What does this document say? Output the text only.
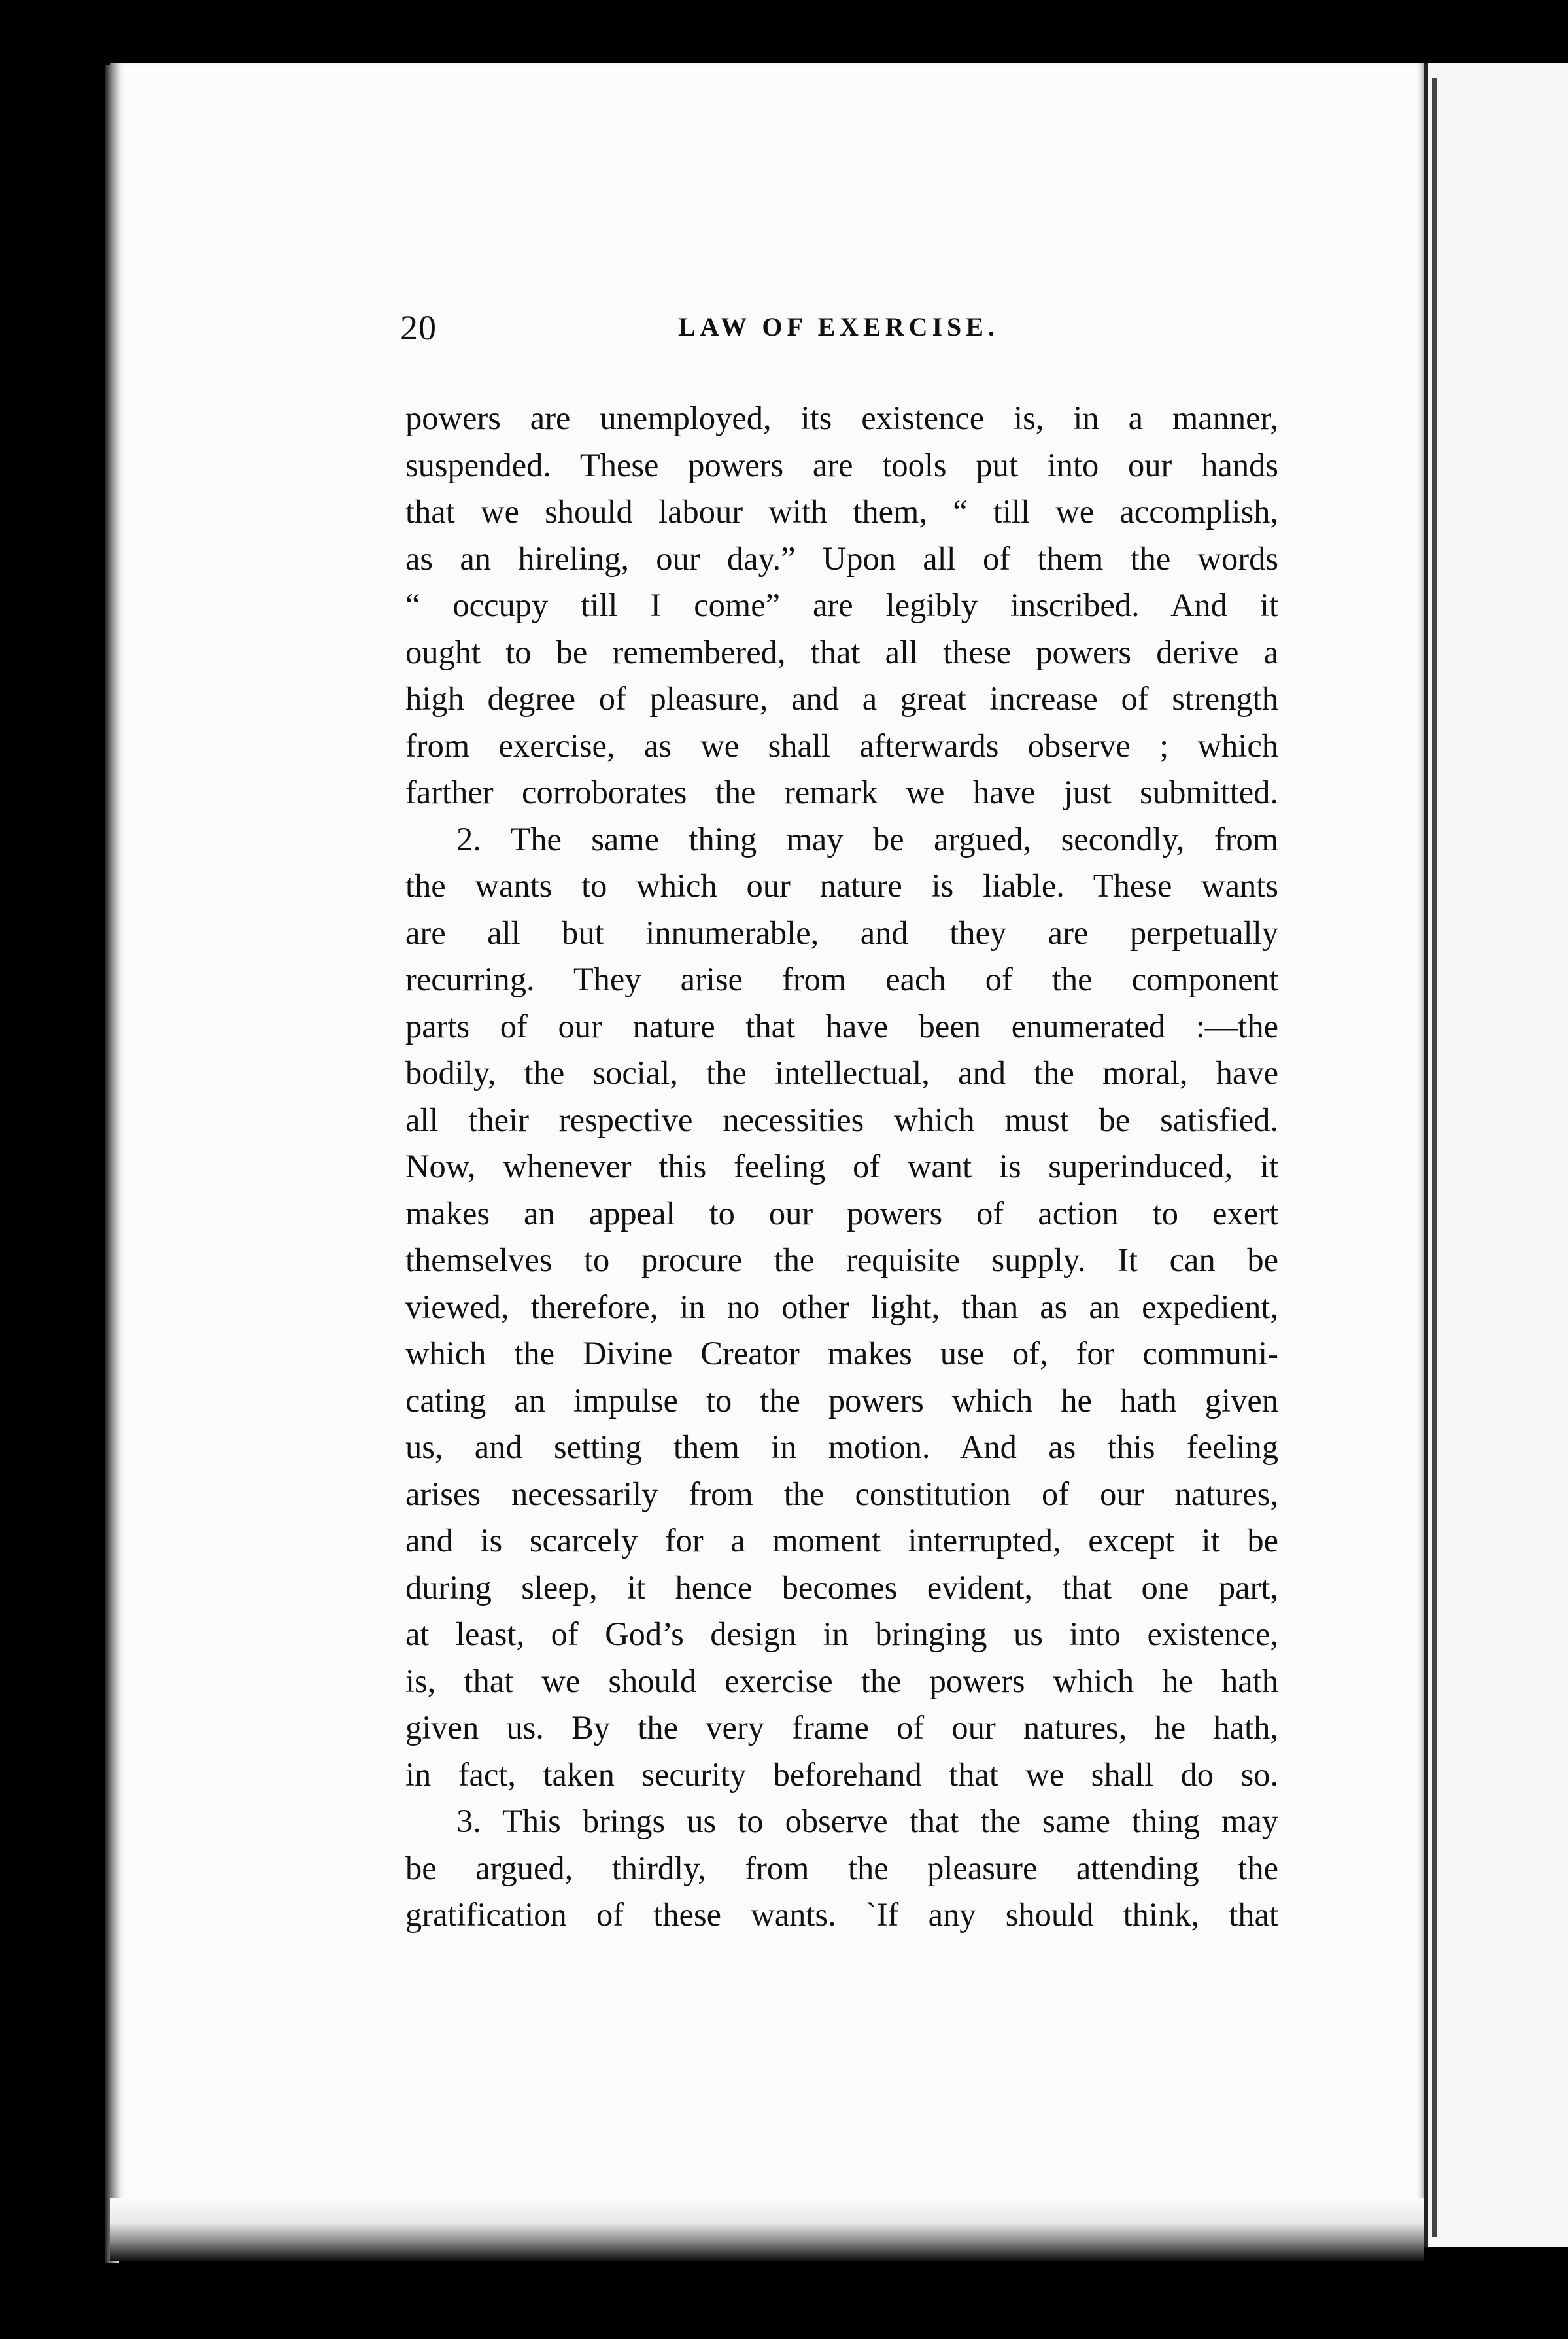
20	LAW OF EXERCISE.
powers are unemployed, its existence is, in a manner,
suspended. These powers are tools put into our hands
that we should labour with them, “ till we accomplish,
as an hireling, our day.” Upon all of them the words
“ occupy till I come” are legibly inscribed. And it
ought to be remembered, that all these powers derive a
high degree of pleasure, and a great increase of strength
from exercise, as we shall afterwards observe ; which
farther corroborates the remark we have just submitted.
2. The same thing may be argued, secondly, from
the wants to which our nature is liable. These wants
are all but innumerable, and they are perpetually
recurring. They arise from each of the component
parts of our nature that have been enumerated :—the
bodily, the social, the intellectual, and the moral, have
all their respective necessities which must be satisfied.
Now, whenever this feeling of want is superinduced, it
makes an appeal to our powers of action to exert
themselves to procure the requisite supply. It can be
viewed, therefore, in no other light, than as an expedient,
which the Divine Creator makes use of, for communi-
cating an impulse to the powers which he hath given
us, and setting them in motion. And as this feeling
arises necessarily from the constitution of our natures,
and is scarcely for a moment interrupted, except it be
during sleep, it hence becomes evident, that one part,
at least, of God’s design in bringing us into existence,
is, that we should exercise the powers which he hath
given us. By the very frame of our natures, he hath,
in fact, taken security beforehand that we shall do so.
3. This brings us to observe that the same thing may
be argued, thirdly, from the pleasure attending the
gratification of these wants. `If any should think, that
